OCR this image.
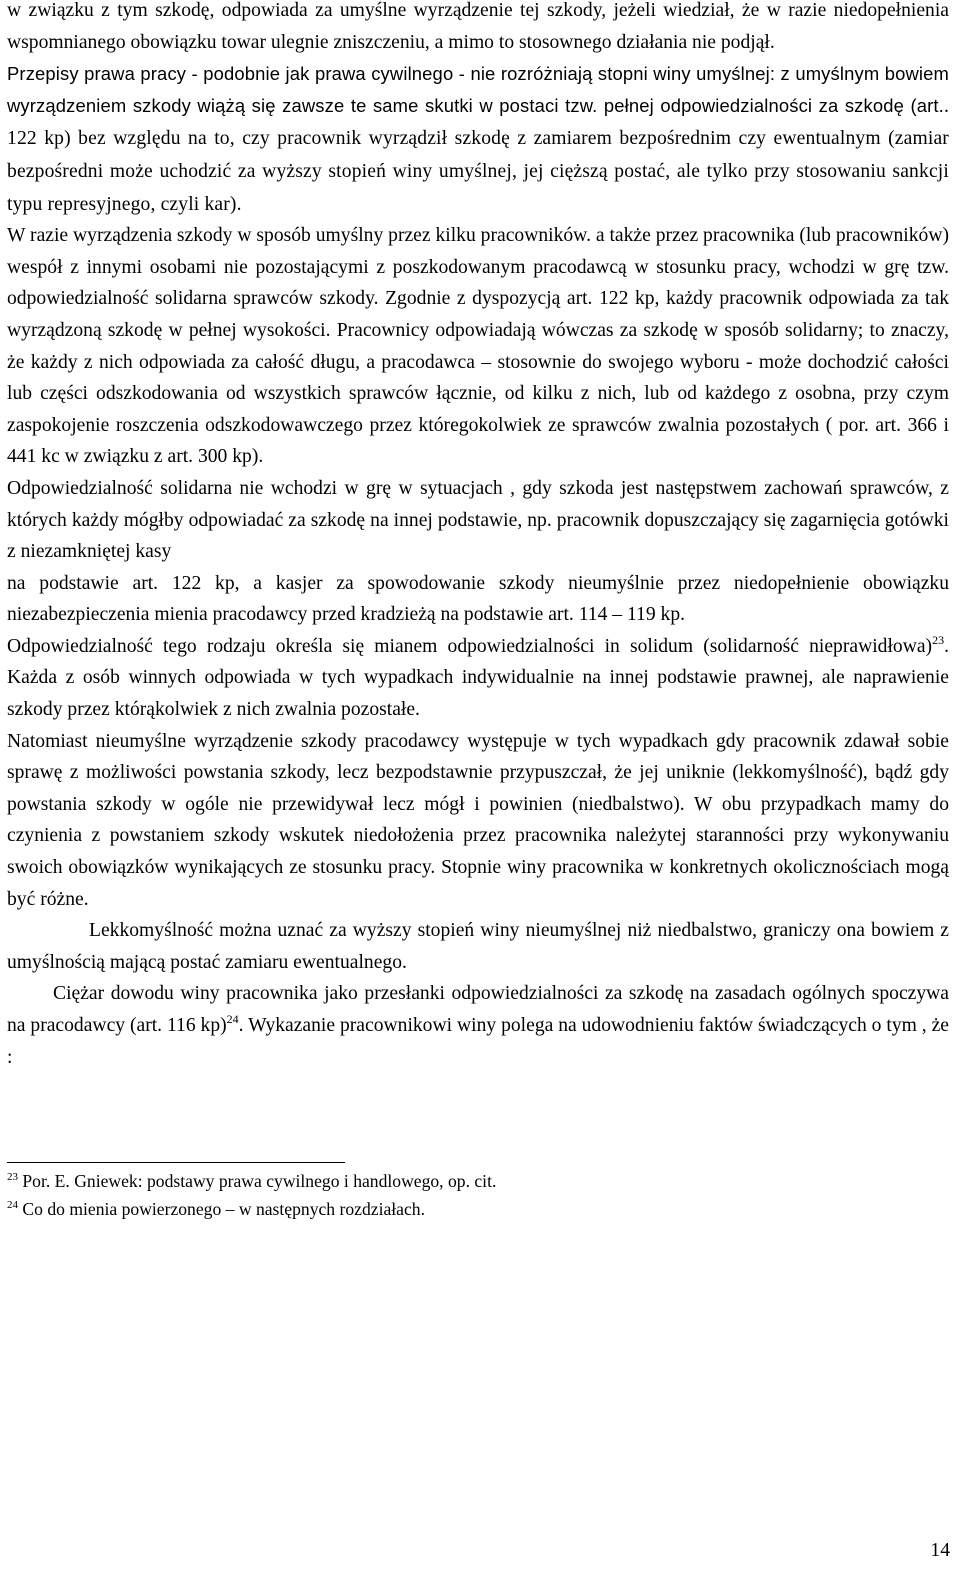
w związku z tym szkodę, odpowiada za umyślne wyrządzenie tej szkody, jeżeli wiedział, że w razie niedopełnienia wspomnianego obowiązku towar ulegnie zniszczeniu, a mimo to stosownego działania nie podjął.

Przepisy prawa pracy - podobnie jak prawa cywilnego - nie rozróżniają stopni winy umyślnej: z umyślnym bowiem wyrządzeniem szkody wiążą się zawsze te same skutki w postaci tzw. pełnej odpowiedzialności za szkodę (art.. 122 kp) bez względu na to, czy pracownik wyrządził szkodę z zamiarem bezpośrednim czy ewentualnym (zamiar bezpośredni może uchodzić za wyższy stopień winy umyślnej, jej cięższą postać, ale tylko przy stosowaniu sankcji typu represyjnego, czyli kar).

W razie wyrządzenia szkody w sposób umyślny przez kilku pracowników. a także przez pracownika (lub pracowników) wespół z innymi osobami nie pozostającymi z poszkodowanym pracodawcą w stosunku pracy, wchodzi w grę tzw. odpowiedzialność solidarna sprawców szkody. Zgodnie z dyspozycją art. 122 kp, każdy pracownik odpowiada za tak wyrządzoną szkodę w pełnej wysokości. Pracownicy odpowiadają wówczas za szkodę w sposób solidarny; to znaczy, że każdy z nich odpowiada za całość długu, a pracodawca – stosownie do swojego wyboru - może dochodzić całości lub części odszkodowania od wszystkich sprawców łącznie, od kilku z nich, lub od każdego z osobna, przy czym zaspokojenie roszczenia odszkodowawczego przez któregokolwiek ze sprawców zwalnia pozostałych ( por. art. 366 i 441 kc w związku z art. 300 kp).

Odpowiedzialność solidarna nie wchodzi w grę w sytuacjach , gdy szkoda jest następstwem zachowań sprawców, z których każdy mógłby odpowiadać za szkodę na innej podstawie, np. pracownik dopuszczający się zagarnięcia gotówki z niezamkniętej kasy

na podstawie art. 122 kp, a kasjer za spowodowanie szkody nieumyślnie przez niedopełnienie obowiązku niezabezpieczenia mienia pracodawcy przed kradzieżą na podstawie art. 114 – 119 kp.

Odpowiedzialność tego rodzaju określa się mianem odpowiedzialności in solidum (solidarność nieprawidłowa)$^{23}$. Każda z osób winnych odpowiada w tych wypadkach indywidualnie na innej podstawie prawnej, ale naprawienie szkody przez którąkolwiek z nich zwalnia pozostałe.

Natomiast nieumyślne wyrządzenie szkody pracodawcy występuje w tych wypadkach gdy pracownik zdawał sobie sprawę z możliwości powstania szkody, lecz bezpodstawnie przypuszczał, że jej uniknie (lekkomyślność), bądź gdy powstania szkody w ogóle nie przewidywał lecz mógł i powinien (niedbalstwo). W obu przypadkach mamy do czynienia z powstaniem szkody wskutek niedołożenia przez pracownika należytej staranności przy wykonywaniu swoich obowiązków wynikających ze stosunku pracy. Stopnie winy pracownika w konkretnych okolicznościach mogą być różne.

Lekkomyślność można uznać za wyższy stopień winy nieumyślnej niż niedbalstwo, graniczy ona bowiem z umyślnością mającą postać zamiaru ewentualnego.

Ciężar dowodu winy pracownika jako przesłanki odpowiedzialności za szkodę na zasadach ogólnych spoczywa na pracodawcy (art. 116 kp)$^{24}$. Wykazanie pracownikowi winy polega na udowodnieniu faktów świadczących o tym , że :

$^{23}$ Por. E. Gniewek: podstawy prawa cywilnego i handlowego, op. cit.

$^{24}$ Co do mienia powierzonego – w następnych rozdziałach.

14
